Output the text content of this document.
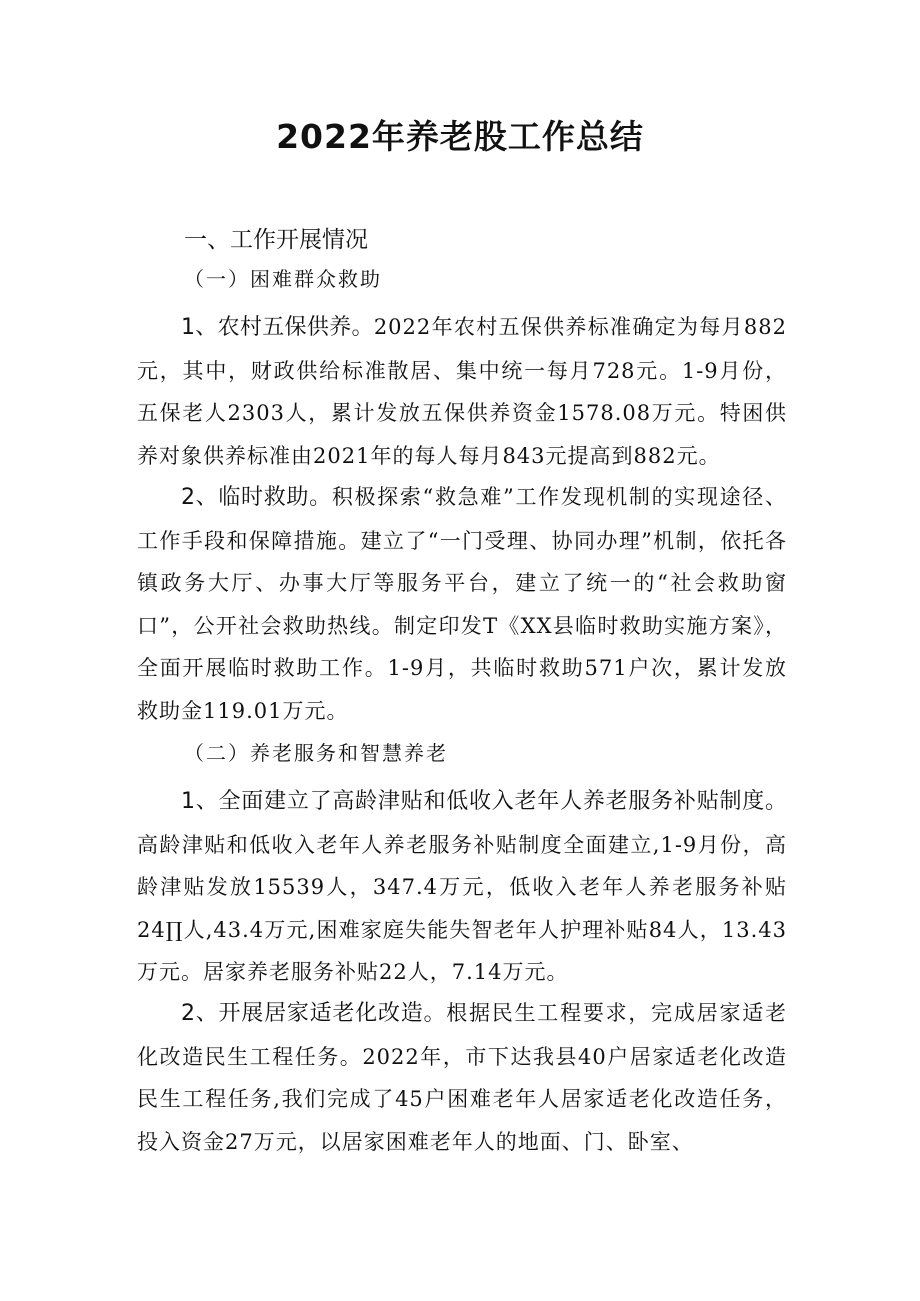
2022年养老股工作总结
一、工作开展情况
（一）困难群众救助
1、农村五保供养。2022年农村五保供养标准确定为每月882元，其中，财政供给标准散居、集中统一每月728元。1-9月份，五保老人2303人，累计发放五保供养资金1578.08万元。特困供养对象供养标准由2021年的每人每月843元提高到882元。
2、临时救助。积极探索“救急难”工作发现机制的实现途径、工作手段和保障措施。建立了“一门受理、协同办理”机制，依托各镇政务大厅、办事大厅等服务平台，建立了统一的“社会救助窗口”，公开社会救助热线。制定印发T《XX县临时救助实施方案》，全面开展临时救助工作。1-9月，共临时救助571户次，累计发放救助金119.01万元。
（二）养老服务和智慧养老
1、全面建立了高龄津贴和低收入老年人养老服务补贴制度。高龄津贴和低收入老年人养老服务补贴制度全面建立,1-9月份，高龄津贴发放15539人，347.4万元，低收入老年人养老服务补贴24∏人,43.4万元,困难家庭失能失智老年人护理补贴84人，13.43万元。居家养老服务补贴22人，7.14万元。
2、开展居家适老化改造。根据民生工程要求，完成居家适老化改造民生工程任务。2022年，市下达我县40户居家适老化改造民生工程任务,我们完成了45户困难老年人居家适老化改造任务，投入资金27万元，以居家困难老年人的地面、门、卧室、
